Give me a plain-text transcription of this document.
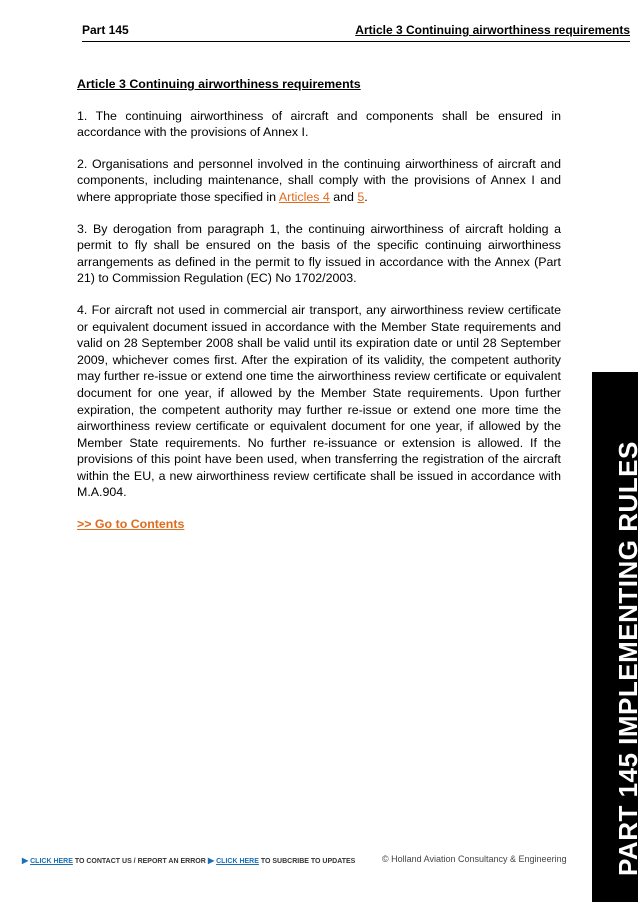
Part 145	Article 3 Continuing airworthiness requirements

Article 3 Continuing airworthiness requirements

1. The continuing airworthiness of aircraft and components shall be ensured in accordance with the provisions of Annex I.

2. Organisations and personnel involved in the continuing airworthiness of aircraft and components, including maintenance, shall comply with the provisions of Annex I and where appropriate those specified in Articles 4 and 5.

3. By derogation from paragraph 1, the continuing airworthiness of aircraft holding a permit to fly shall be ensured on the basis of the specific continuing airworthiness arrangements as defined in the permit to fly issued in accordance with the Annex (Part 21) to Commission Regulation (EC) No 1702/2003.

4. For aircraft not used in commercial air transport, any airworthiness review certificate or equivalent document issued in accordance with the Member State requirements and valid on 28 September 2008 shall be valid until its expiration date or until 28 September 2009, whichever comes first. After the expiration of its validity, the competent authority may further re-issue or extend one time the airworthiness review certificate or equivalent document for one year, if allowed by the Member State requirements. Upon further expiration, the competent authority may further re-issue or extend one more time the airworthiness review certificate or equivalent document for one year, if allowed by the Member State requirements. No further re-issuance or extension is allowed. If the provisions of this point have been used, when transferring the registration of the aircraft within the EU, a new airworthiness review certificate shall be issued in accordance with M.A.904.

>> Go to Contents	PART 145 IMPLEMENTING RULES
▶ CLICK HERE TO CONTACT US / REPORT AN ERROR ▶ CLICK HERE TO SUBCRIBE TO UPDATES	© Holland Aviation Consultancy & Engineering
